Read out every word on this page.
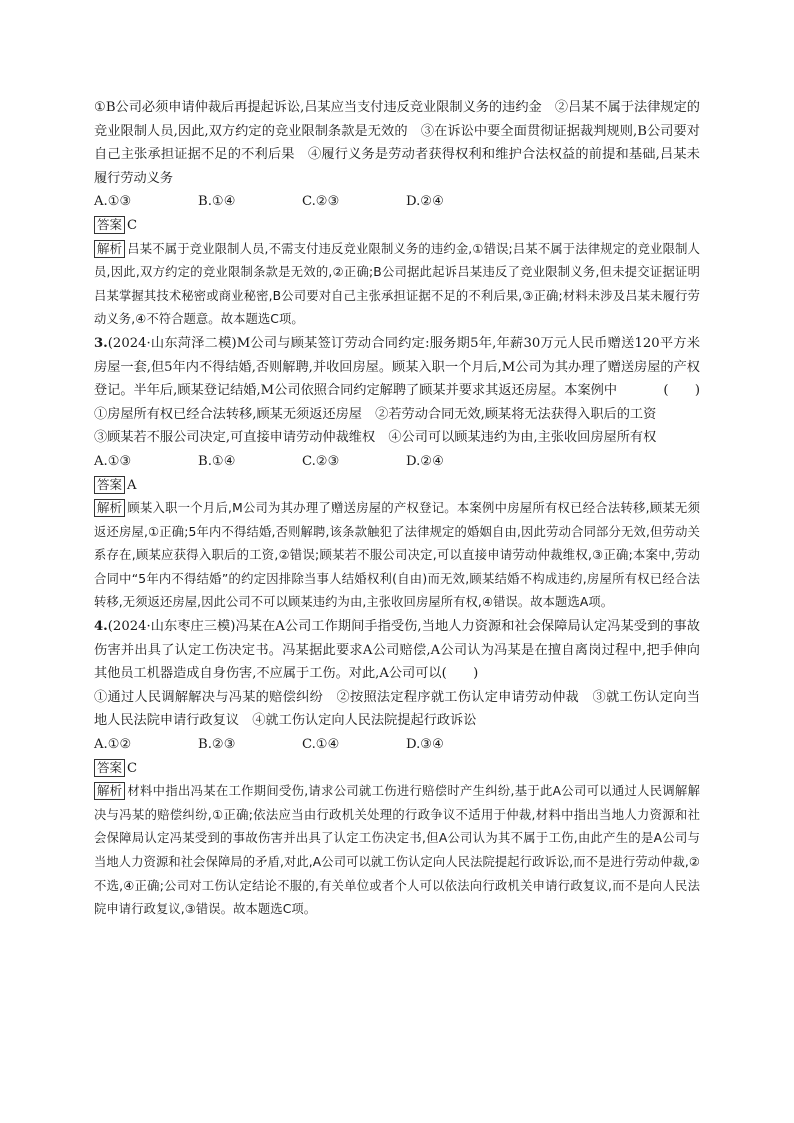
①B公司必须申请仲裁后再提起诉讼,吕某应当支付违反竞业限制义务的违约金　②吕某不属于法律规定的竞业限制人员,因此,双方约定的竞业限制条款是无效的　③在诉讼中要全面贯彻证据裁判规则,B公司要对自己主张承担证据不足的不利后果　④履行义务是劳动者获得权利和维护合法权益的前提和基础,吕某未履行劳动义务

A.①③	B.①④	C.②③	D.②④
答案 C

解析 吕某不属于竞业限制人员,不需支付违反竞业限制义务的违约金,①错误;吕某不属于法律规定的竞业限制人员,因此,双方约定的竞业限制条款是无效的,②正确;B公司据此起诉吕某违反了竞业限制义务,但未提交证据证明吕某掌握其技术秘密或商业秘密,B公司要对自己主张承担证据不足的不利后果,③正确;材料未涉及吕某未履行劳动义务,④不符合题意。故本题选C项。

3.(2024·山东菏泽二模)M公司与顾某签订劳动合同约定:服务期5年,年薪30万元人民币赠送120平方米房屋一套,但5年内不得结婚,否则解聘,并收回房屋。顾某入职一个月后,M公司为其办理了赠送房屋的产权登记。半年后,顾某登记结婚,M公司依照合同约定解聘了顾某并要求其返还房屋。本案例中	(　　)

①房屋所有权已经合法转移,顾某无须返还房屋　②若劳动合同无效,顾某将无法获得入职后的工资

③顾某若不服公司决定,可直接申请劳动仲裁维权　④公司可以顾某违约为由,主张收回房屋所有权

A.①③	B.①④	C.②③	D.②④
答案 A

解析 顾某入职一个月后,M公司为其办理了赠送房屋的产权登记。本案例中房屋所有权已经合法转移,顾某无须返还房屋,①正确;5年内不得结婚,否则解聘,该条款触犯了法律规定的婚姻自由,因此劳动合同部分无效,但劳动关系存在,顾某应获得入职后的工资,②错误;顾某若不服公司决定,可以直接申请劳动仲裁维权,③正确;本案中,劳动合同中“5年内不得结婚”的约定因排除当事人结婚权利(自由)而无效,顾某结婚不构成违约,房屋所有权已经合法转移,无须返还房屋,因此公司不可以顾某违约为由,主张收回房屋所有权,④错误。故本题选A项。

4.(2024·山东枣庄三模)冯某在A公司工作期间手指受伤,当地人力资源和社会保障局认定冯某受到的事故伤害并出具了认定工伤决定书。冯某据此要求A公司赔偿,A公司认为冯某是在擅自离岗过程中,把手伸向其他员工机器造成自身伤害,不应属于工伤。对此,A公司可以(　　)

①通过人民调解解决与冯某的赔偿纠纷　②按照法定程序就工伤认定申请劳动仲裁　③就工伤认定向当地人民法院申请行政复议　④就工伤认定向人民法院提起行政诉讼

A.①②	B.②③	C.①④	D.③④
答案 C

解析 材料中指出冯某在工作期间受伤,请求公司就工伤进行赔偿时产生纠纷,基于此A公司可以通过人民调解解决与冯某的赔偿纠纷,①正确;依法应当由行政机关处理的行政争议不适用于仲裁,材料中指出当地人力资源和社会保障局认定冯某受到的事故伤害并出具了认定工伤决定书,但A公司认为其不属于工伤,由此产生的是A公司与当地人力资源和社会保障局的矛盾,对此,A公司可以就工伤认定向人民法院提起行政诉讼,而不是进行劳动仲裁,②不选,④正确;公司对工伤认定结论不服的,有关单位或者个人可以依法向行政机关申请行政复议,而不是向人民法院申请行政复议,③错误。故本题选C项。
